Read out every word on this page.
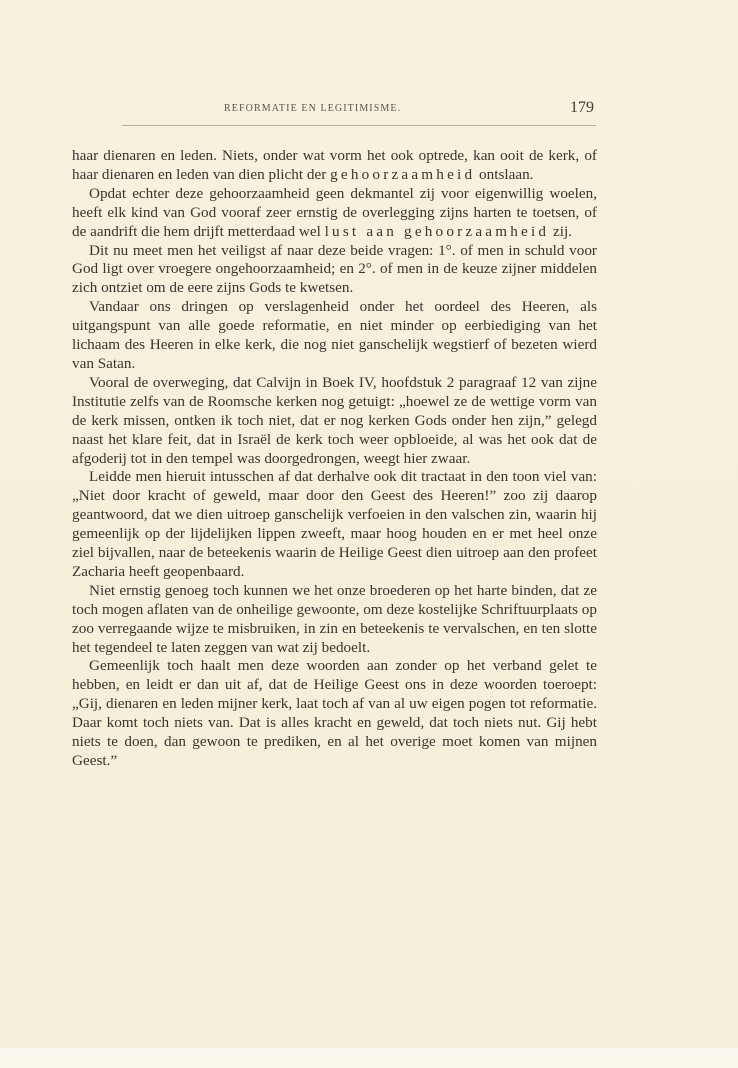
REFORMATIE EN LEGITIMISME.	179

haar dienaren en leden. Niets, onder wat vorm het ook optrede, kan ooit de kerk, of haar dienaren en leden van dien plicht der gehoorzaamheid ontslaan.

Opdat echter deze gehoorzaamheid geen dekmantel zij voor eigenwillig woelen, heeft elk kind van God vooraf zeer ernstig de overlegging zijns harten te toetsen, of de aandrift die hem drijft metterdaad wel lust aan gehoorzaamheid zij.

Dit nu meet men het veiligst af naar deze beide vragen: 1°. of men in schuld voor God ligt over vroegere ongehoorzaamheid; en 2°. of men in de keuze zijner middelen zich ontziet om de eere zijns Gods te kwetsen.

Vandaar ons dringen op verslagenheid onder het oordeel des Heeren, als uitgangspunt van alle goede reformatie, en niet minder op eerbiediging van het lichaam des Heeren in elke kerk, die nog niet ganschelijk wegstierf of bezeten wierd van Satan.

Vooral de overweging, dat Calvijn in Boek IV, hoofdstuk 2 paragraaf 12 van zijne Institutie zelfs van de Roomsche kerken nog getuigt: „hoewel ze de wettige vorm van de kerk missen, ontken ik toch niet, dat er nog kerken Gods onder hen zijn,” gelegd naast het klare feit, dat in Israël de kerk toch weer opbloeide, al was het ook dat de afgoderij tot in den tempel was doorgedrongen, weegt hier zwaar.

Leidde men hieruit intusschen af dat derhalve ook dit tractaat in den toon viel van: „Niet door kracht of geweld, maar door den Geest des Heeren!” zoo zij daarop geantwoord, dat we dien uitroep ganschelijk verfoeien in den valschen zin, waarin hij gemeenlijk op der lijdelijken lippen zweeft, maar hoog houden en er met heel onze ziel bijvallen, naar de beteekenis waarin de Heilige Geest dien uitroep aan den profeet Zacharia heeft geopenbaard.

Niet ernstig genoeg toch kunnen we het onze broederen op het harte binden, dat ze toch mogen aflaten van de onheilige gewoonte, om deze kostelijke Schriftuurplaats op zoo verregaande wijze te misbruiken, in zin en beteekenis te vervalschen, en ten slotte het tegendeel te laten zeggen van wat zij bedoelt.

Gemeenlijk toch haalt men deze woorden aan zonder op het verband gelet te hebben, en leidt er dan uit af, dat de Heilige Geest ons in deze woorden toeroept: „Gij, dienaren en leden mijner kerk, laat toch af van al uw eigen pogen tot reformatie. Daar komt toch niets van. Dat is alles kracht en geweld, dat toch niets nut. Gij hebt niets te doen, dan gewoon te prediken, en al het overige moet komen van mijnen Geest.”
